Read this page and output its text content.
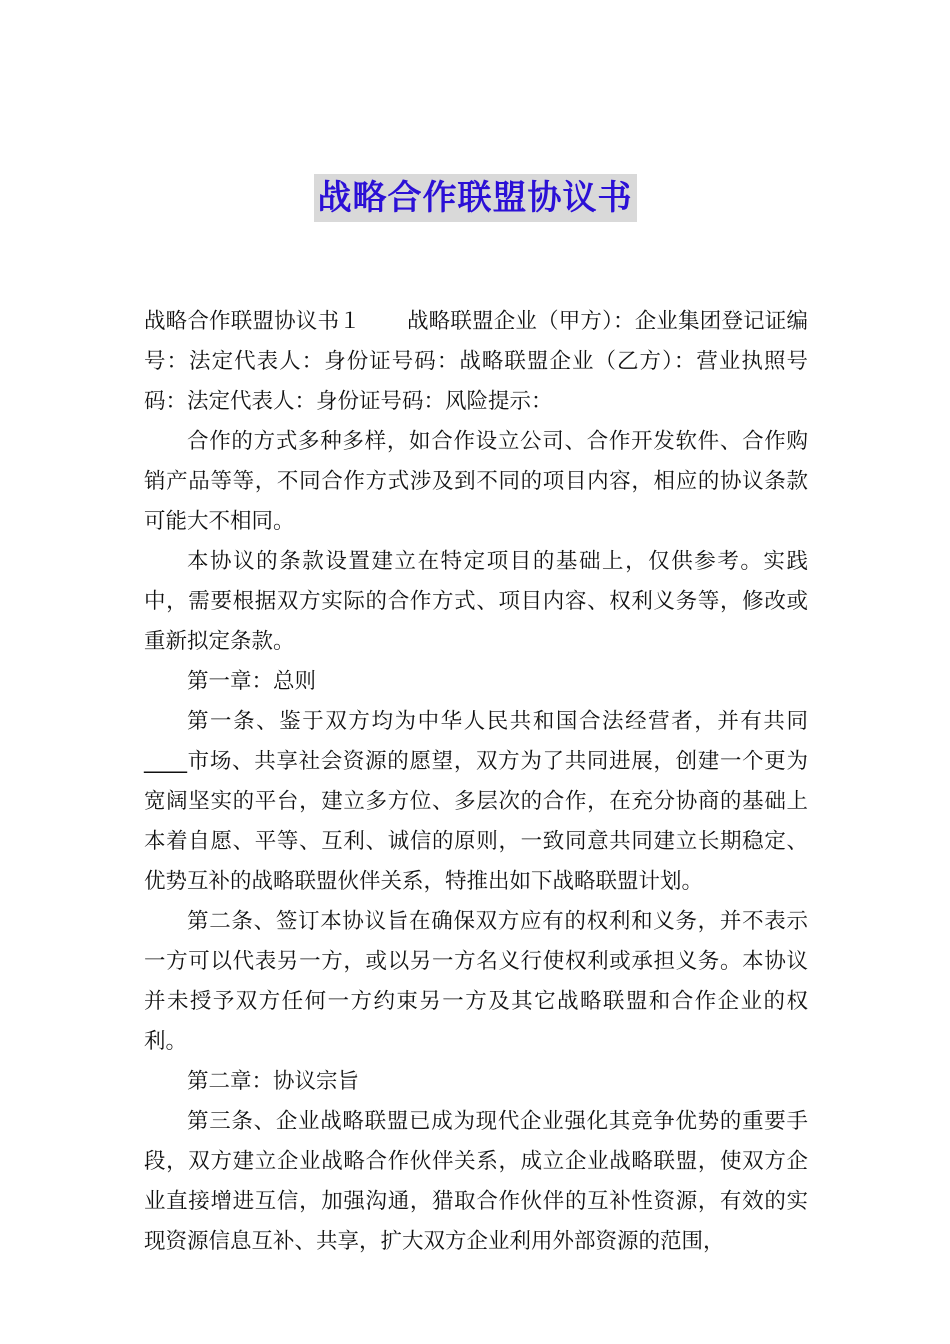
战略合作联盟协议书

战略合作联盟协议书１ 战略联盟企业（甲方）：企业集团登记证编号：法定代表人：身份证号码：战略联盟企业（乙方）：营业执照号码：法定代表人：身份证号码：风险提示：

合作的方式多种多样，如合作设立公司、合作开发软件、合作购销产品等等，不同合作方式涉及到不同的项目内容，相应的协议条款可能大不相同。

本协议的条款设置建立在特定项目的基础上，仅供参考。实践中，需要根据双方实际的合作方式、项目内容、权利义务等，修改或重新拟定条款。

第一章：总则

第一条、鉴于双方均为中华人民共和国合法经营者，并有共同____市场、共享社会资源的愿望，双方为了共同进展，创建一个更为宽阔坚实的平台，建立多方位、多层次的合作，在充分协商的基础上本着自愿、平等、互利、诚信的原则，一致同意共同建立长期稳定、优势互补的战略联盟伙伴关系，特推出如下战略联盟计划。

第二条、签订本协议旨在确保双方应有的权利和义务，并不表示一方可以代表另一方，或以另一方名义行使权利或承担义务。本协议并未授予双方任何一方约束另一方及其它战略联盟和合作企业的权利。

第二章：协议宗旨

第三条、企业战略联盟已成为现代企业强化其竞争优势的重要手段，双方建立企业战略合作伙伴关系，成立企业战略联盟，使双方企业直接增进互信，加强沟通，猎取合作伙伴的互补性资源，有效的实现资源信息互补、共享，扩大双方企业利用外部资源的范围，
